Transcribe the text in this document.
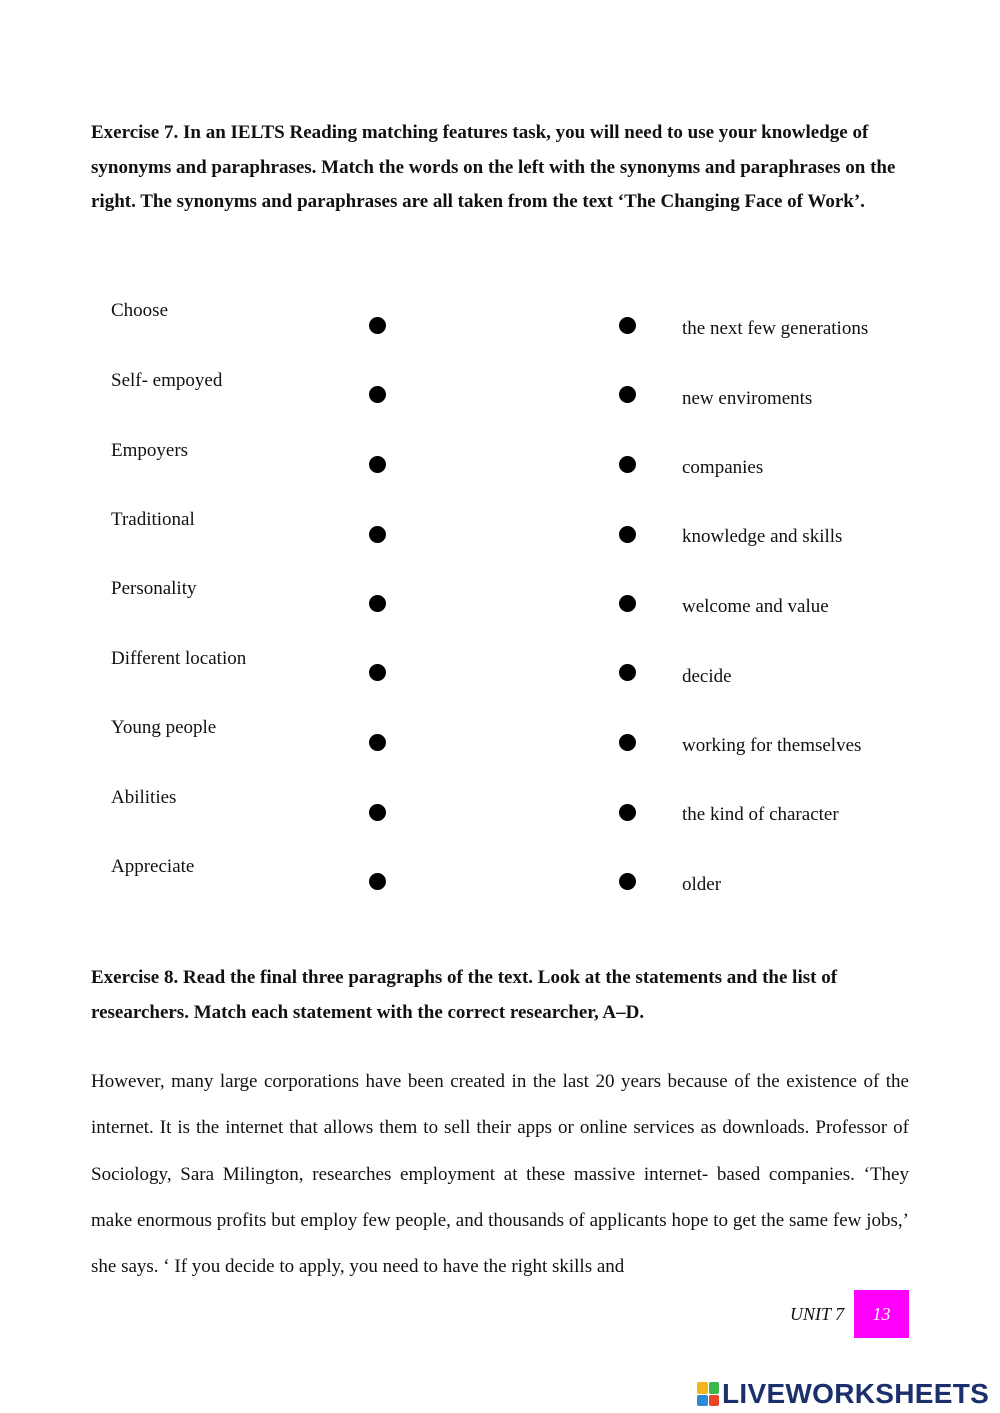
Exercise 7. In an IELTS Reading matching features task, you will need to use your knowledge of synonyms and paraphrases. Match the words on the left with the synonyms and paraphrases on the right. The synonyms and paraphrases are all taken from the text ‘The Changing Face of Work’.

Choose
the next few generations
Self- empoyed
new enviroments
Empoyers
companies
Traditional
knowledge and skills
Personality
welcome and value
Different location
decide
Young people
working for themselves
Abilities
the kind of character
Appreciate
older

Exercise 8. Read the final three paragraphs of the text. Look at the statements and the list of researchers. Match each statement with the correct researcher, A–D.

However, many large corporations have been created in the last 20 years because of the existence of the internet. It is the internet that allows them to sell their apps or online services as downloads. Professor of Sociology, Sara Milington, researches employment at these massive internet- based companies. ‘They make enormous profits but employ few people, and thousands of applicants hope to get the same few jobs,’ she says. ‘ If you decide to apply, you need to have the right skills and

UNIT 7 13
LIVEWORKSHEETS
